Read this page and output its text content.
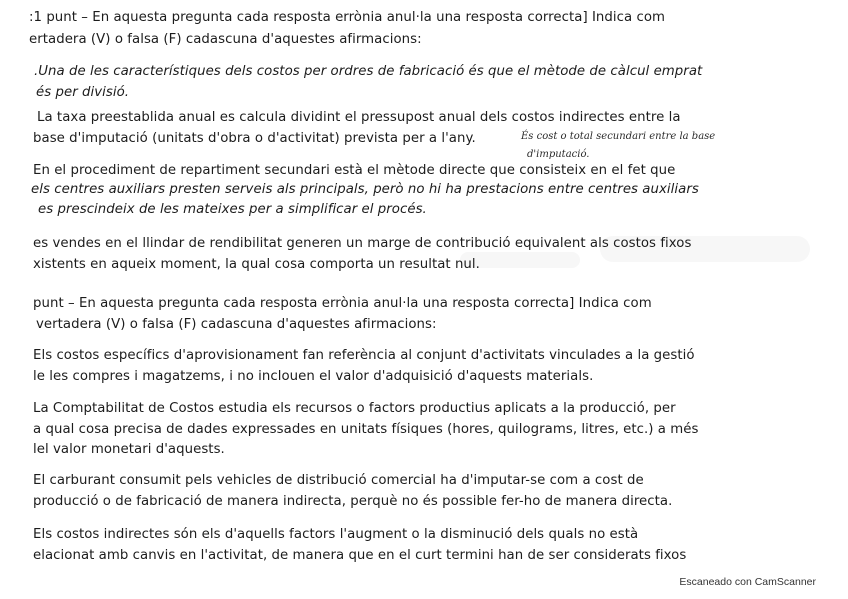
:1 punt – En aquesta pregunta cada resposta errònia anul·la una resposta correcta] Indica com
ertadera (V) o falsa (F) cadascuna d'aquestes afirmacions:
.Una de les característiques dels costos per ordres de fabricació és que el mètode de càlcul emprat
és per divisió.
La taxa preestablida anual es calcula dividint el pressupost anual dels costos indirectes entre la
base d'imputació (unitats d'obra o d'activitat) prevista per a l'any.	És cost o total secundari entre la base
d'imputació.
En el procediment de repartiment secundari està el mètode directe que consisteix en el fet que
els centres auxiliars presten serveis als principals, però no hi ha prestacions entre centres auxiliars
es prescindeix de les mateixes per a simplificar el procés.
es vendes en el llindar de rendibilitat generen un marge de contribució equivalent als costos fixos
xistents en aqueix moment, la qual cosa comporta un resultat nul.
punt – En aquesta pregunta cada resposta errònia anul·la una resposta correcta] Indica com
vertadera (V) o falsa (F) cadascuna d'aquestes afirmacions:
Els costos específics d'aprovisionament fan referència al conjunt d'activitats vinculades a la gestió
le les compres i magatzems, i no inclouen el valor d'adquisició d'aquests materials.
La Comptabilitat de Costos estudia els recursos o factors productius aplicats a la producció, per
a qual cosa precisa de dades expressades en unitats físiques (hores, quilograms, litres, etc.) a més
lel valor monetari d'aquests.
El carburant consumit pels vehicles de distribució comercial ha d'imputar-se com a cost de
producció o de fabricació de manera indirecta, perquè no és possible fer-ho de manera directa.
Els costos indirectes són els d'aquells factors l'augment o la disminució dels quals no està
elacionat amb canvis en l'activitat, de manera que en el curt termini han de ser considerats fixos
Escaneado con CamScanner
